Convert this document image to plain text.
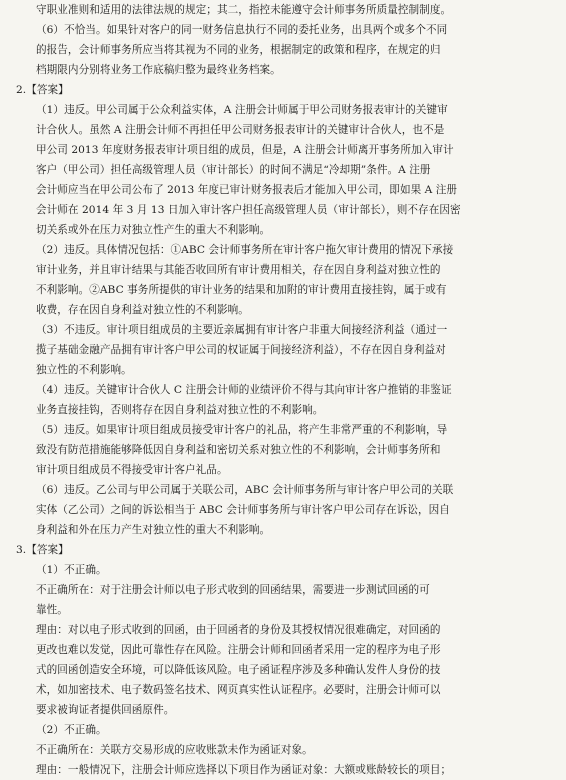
守职业准则和适用的法律法规的规定；其二，指控未能遵守会计师事务所质量控制制度。

（6）不恰当。如果针对客户的同一财务信息执行不同的委托业务，出具两个或多个不同

的报告，会计师事务所应当将其视为不同的业务，根据制定的政策和程序，在规定的归

档期限内分别将业务工作底稿归整为最终业务档案。

2.【答案】

（1）违反。甲公司属于公众利益实体，A 注册会计师属于甲公司财务报表审计的关键审

计合伙人。虽然 A 注册会计师不再担任甲公司财务报表审计的关键审计合伙人，也不是

甲公司 2013 年度财务报表审计项目组的成员，但是，A 注册会计师离开事务所加入审计

客户（甲公司）担任高级管理人员（审计部长）的时间不满足“冷却期”条件。A 注册

会计师应当在甲公司公布了 2013 年度已审计财务报表后才能加入甲公司，即如果 A 注册

会计师在 2014 年 3 月 13 日加入审计客户担任高级管理人员（审计部长），则不存在因密

切关系或外在压力对独立性产生的重大不利影响。

（2）违反。具体情况包括：①ABC 会计师事务所在审计客户拖欠审计费用的情况下承接

审计业务，并且审计结果与其能否收回所有审计费用相关，存在因自身利益对独立性的

不利影响。②ABC 事务所提供的审计业务的结果和加附的审计费用直接挂钩，属于或有

收费，存在因自身利益对独立性的不利影响。

（3）不违反。审计项目组成员的主要近亲属拥有审计客户非重大间接经济利益（通过一

揽子基础金融产品拥有审计客户甲公司的权证属于间接经济利益），不存在因自身利益对

独立性的不利影响。

（4）违反。关键审计合伙人 C 注册会计师的业绩评价不得与其向审计客户推销的非鉴证

业务直接挂钩，否则将存在因自身利益对独立性的不利影响。

（5）违反。如果审计项目组成员接受审计客户的礼品，将产生非常严重的不利影响，导

致没有防范措施能够降低因自身利益和密切关系对独立性的不利影响，会计师事务所和

审计项目组成员不得接受审计客户礼品。

（6）违反。乙公司与甲公司属于关联公司，ABC 会计师事务所与审计客户甲公司的关联

实体（乙公司）之间的诉讼相当于 ABC 会计师事务所与审计客户甲公司存在诉讼，因自

身利益和外在压力产生对独立性的重大不利影响。

3.【答案】

（1）不正确。

不正确所在：对于注册会计师以电子形式收到的回函结果，需要进一步测试回函的可

靠性。

理由：对以电子形式收到的回函，由于回函者的身份及其授权情况很难确定，对回函的

更改也难以发觉，因此可靠性存在风险。注册会计师和回函者采用一定的程序为电子形

式的回函创造安全环境，可以降低该风险。电子函证程序涉及多种确认发件人身份的技

术，如加密技术、电子数码签名技术、网页真实性认证程序。必要时，注册会计师可以

要求被询证者提供回函原件。

（2）不正确。

不正确所在：关联方交易形成的应收账款未作为函证对象。

理由：一般情况下，注册会计师应选择以下项目作为函证对象：大额或账龄较长的项目；
